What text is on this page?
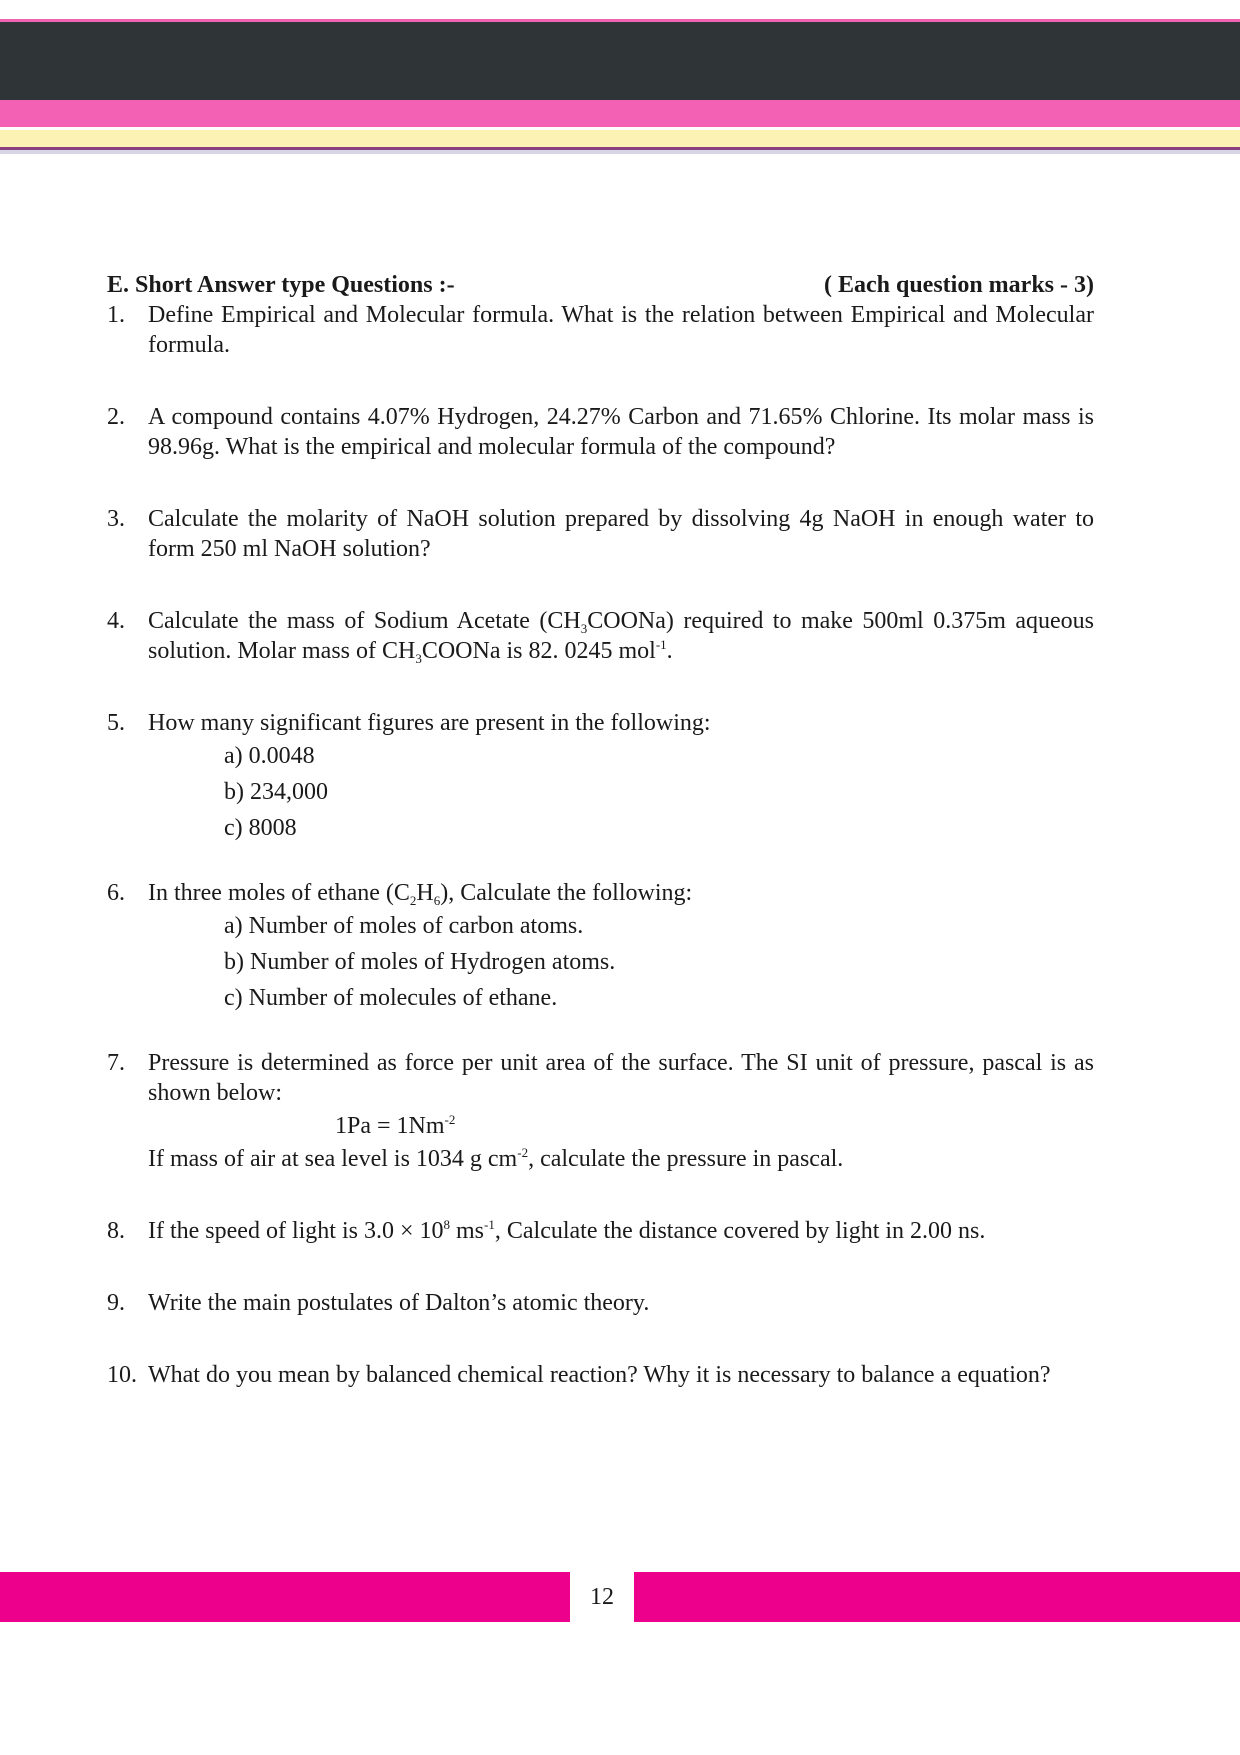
E. Short Answer type Questions :-	( Each question marks - 3)
1. Define Empirical and Molecular formula. What is the relation between Empirical and Molecular formula.
2. A compound contains 4.07% Hydrogen, 24.27% Carbon and 71.65% Chlorine. Its molar mass is 98.96g. What is the empirical and molecular formula of the compound?
3. Calculate the molarity of NaOH solution prepared by dissolving 4g NaOH in enough water to form 250 ml NaOH solution?
4. Calculate the mass of Sodium Acetate $(CH_3COONa)$ required to make 500ml 0.375m aqueous solution. Molar mass of $CH_3COONa$ is 82. 0245 mol$^{-1}$.
5. How many significant figures are present in the following:
a) 0.0048
b) 234,000
c) 8008
6. In three moles of ethane $(C_2H_6)$, Calculate the following:
a) Number of moles of carbon atoms.
b) Number of moles of Hydrogen atoms.
c) Number of molecules of ethane.
7. Pressure is determined as force per unit area of the surface. The SI unit of pressure, pascal is as shown below:
$1Pa = 1Nm^{-2}$
If mass of air at sea level is 1034 g $cm^{-2}$, calculate the pressure in pascal.
8. If the speed of light is $3.0 \times 10^8$ $ms^{-1}$, Calculate the distance covered by light in 2.00 ns.
9. Write the main postulates of Dalton’s atomic theory.
10. What do you mean by balanced chemical reaction? Why it is necessary to balance a equation?
12
